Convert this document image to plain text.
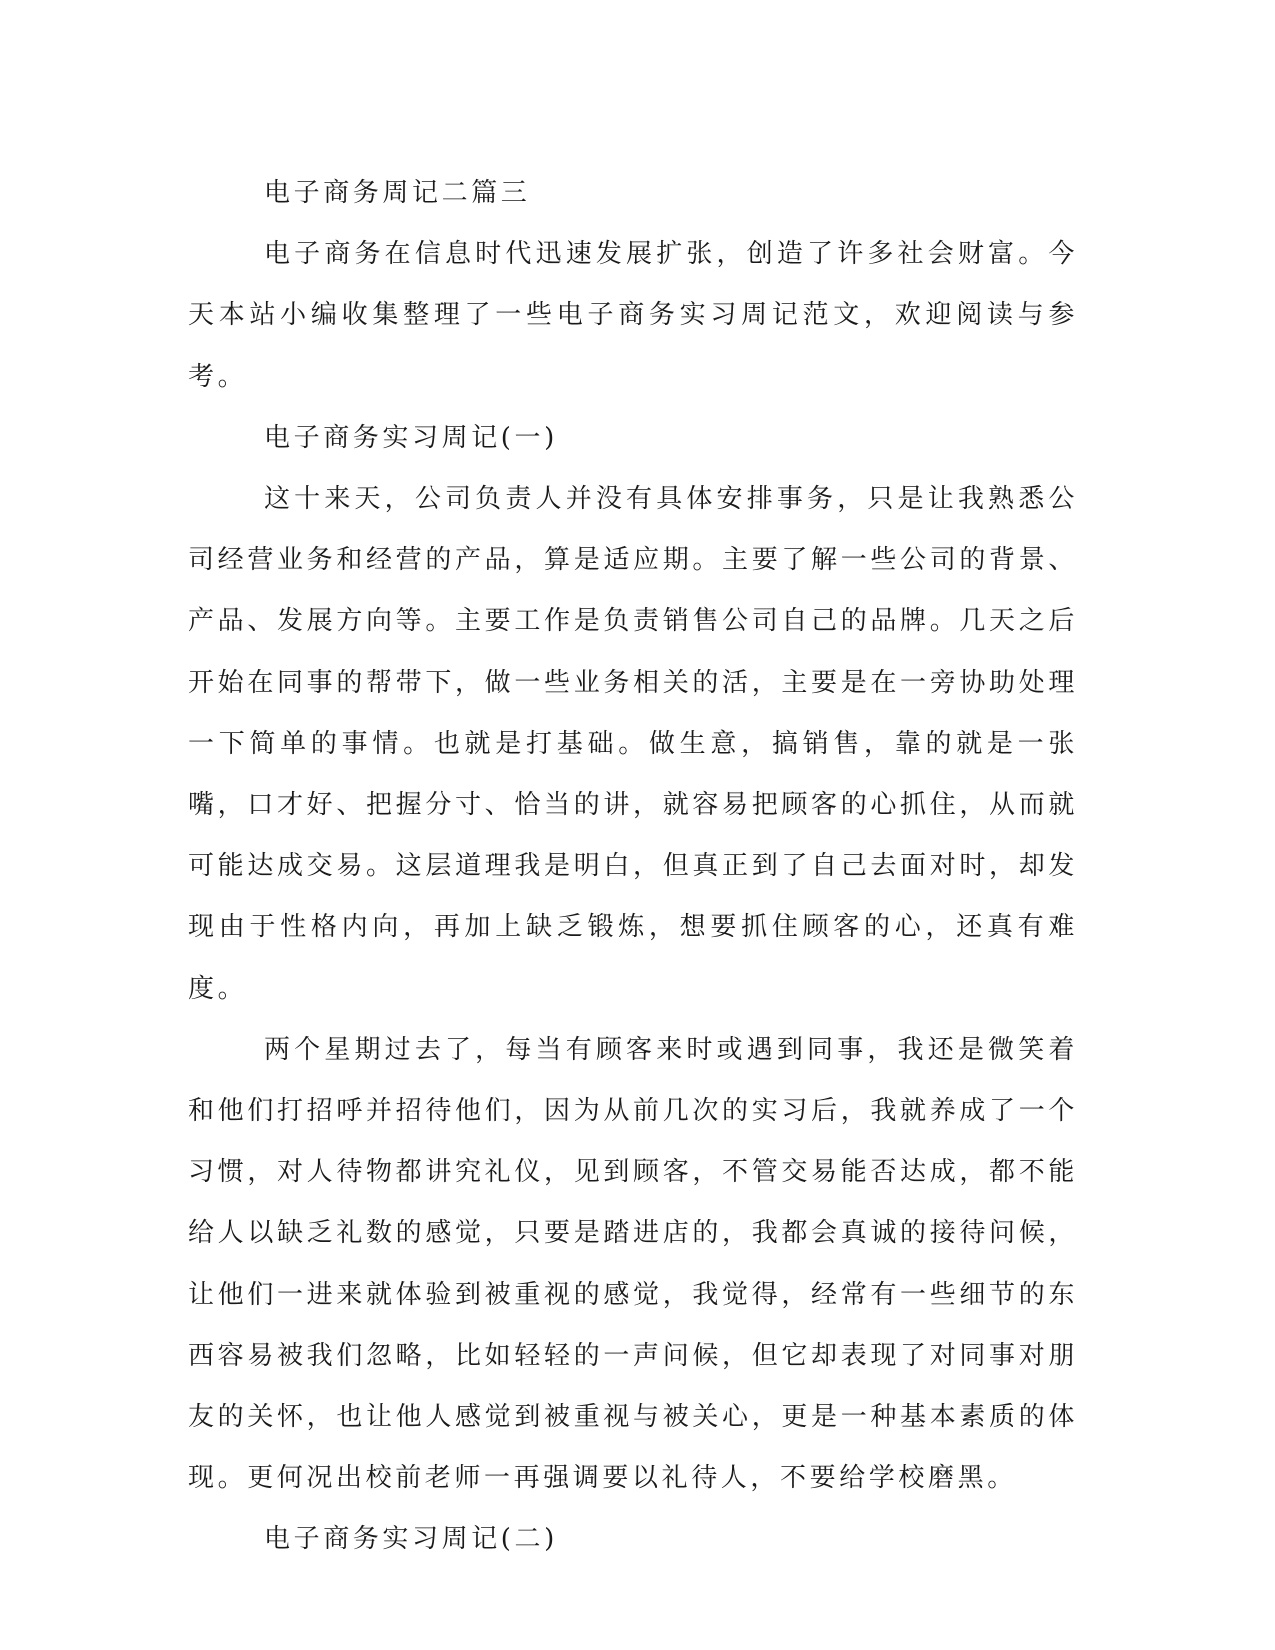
电子商务周记二篇三

电子商务在信息时代迅速发展扩张，创造了许多社会财富。今天本站小编收集整理了一些电子商务实习周记范文，欢迎阅读与参考。

电子商务实习周记(一)

这十来天，公司负责人并没有具体安排事务，只是让我熟悉公司经营业务和经营的产品，算是适应期。主要了解一些公司的背景、产品、发展方向等。主要工作是负责销售公司自己的品牌。几天之后开始在同事的帮带下，做一些业务相关的活，主要是在一旁协助处理一下简单的事情。也就是打基础。做生意，搞销售，靠的就是一张嘴，口才好、把握分寸、恰当的讲，就容易把顾客的心抓住，从而就可能达成交易。这层道理我是明白，但真正到了自己去面对时，却发现由于性格内向，再加上缺乏锻炼，想要抓住顾客的心，还真有难度。

两个星期过去了，每当有顾客来时或遇到同事，我还是微笑着和他们打招呼并招待他们，因为从前几次的实习后，我就养成了一个习惯，对人待物都讲究礼仪，见到顾客，不管交易能否达成，都不能给人以缺乏礼数的感觉，只要是踏进店的，我都会真诚的接待问候，让他们一进来就体验到被重视的感觉，我觉得，经常有一些细节的东西容易被我们忽略，比如轻轻的一声问候，但它却表现了对同事对朋友的关怀，也让他人感觉到被重视与被关心，更是一种基本素质的体现。更何况出校前老师一再强调要以礼待人，不要给学校磨黑。

电子商务实习周记(二)
